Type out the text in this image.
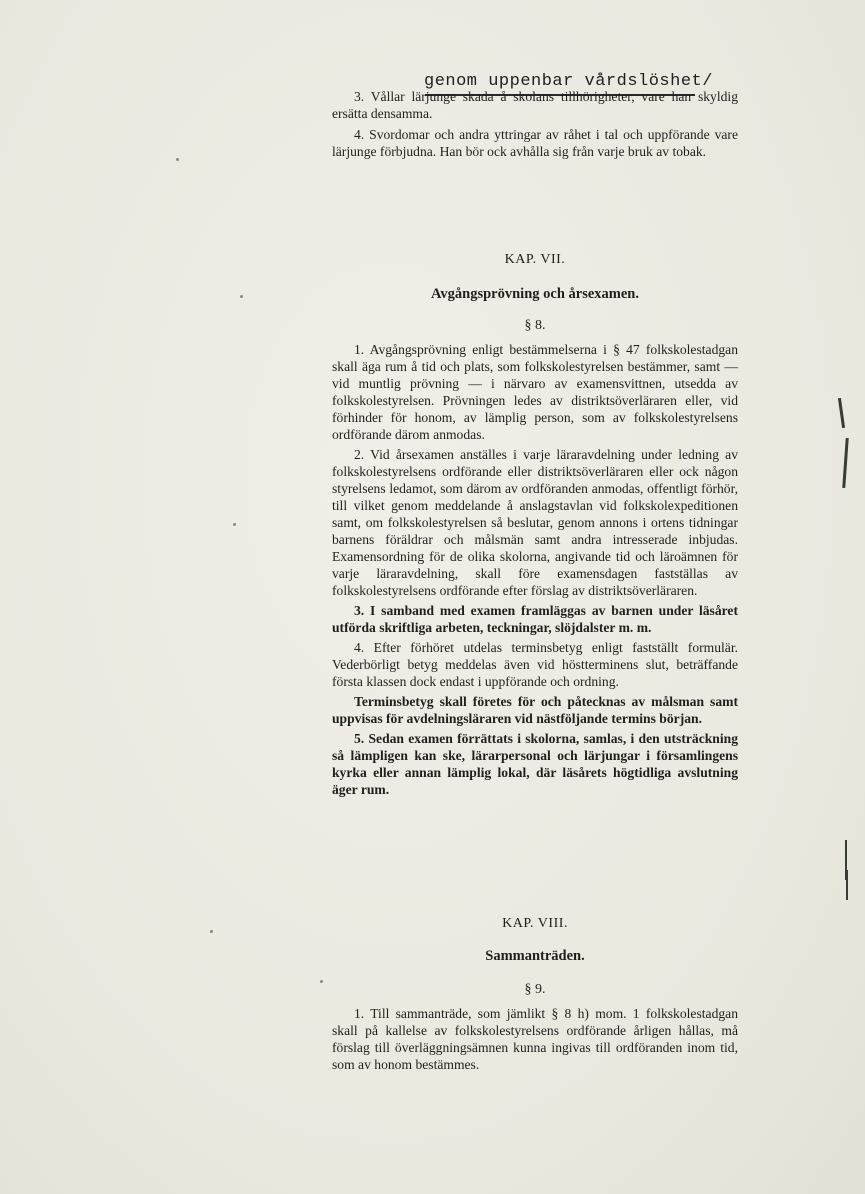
genom uppenbar vårdslöshet/

3. Vållar lärjunge skada å skolans tillhörigheter, vare han skyldig ersätta densamma.

4. Svordomar och andra yttringar av råhet i tal och uppförande vare lärjunge förbjudna. Han bör ock avhålla sig från varje bruk av tobak.

KAP. VII.

Avgångsprövning och årsexamen.

§ 8.

1. Avgångsprövning enligt bestämmelserna i § 47 folkskolestadgan skall äga rum å tid och plats, som folkskolestyrelsen bestämmer, samt — vid muntlig prövning — i närvaro av examensvittnen, utsedda av folkskolestyrelsen. Prövningen ledes av distriktsöverläraren eller, vid förhinder för honom, av lämplig person, som av folkskolestyrelsens ordförande därom anmodas.

2. Vid årsexamen anställes i varje läraravdelning under ledning av folkskolestyrelsens ordförande eller distriktsöverläraren eller ock någon styrelsens ledamot, som därom av ordföranden anmodas, offentligt förhör, till vilket genom meddelande å anslagstavlan vid folkskolexpeditionen samt, om folkskolestyrelsen så beslutar, genom annons i ortens tidningar barnens föräldrar och målsmän samt andra intresserade inbjudas. Examensordning för de olika skolorna, angivande tid och läroämnen för varje läraravdelning, skall före examensdagen fastställas av folkskolestyrelsens ordförande efter förslag av distriktsöverläraren.

3. I samband med examen framläggas av barnen under läsåret utförda skriftliga arbeten, teckningar, slöjdalster m. m.

4. Efter förhöret utdelas terminsbetyg enligt fastställt formulär. Vederbörligt betyg meddelas även vid höstterminens slut, beträffande första klassen dock endast i uppförande och ordning.

Terminsbetyg skall företes för och påtecknas av målsman samt uppvisas för avdelningsläraren vid nästföljande termins början.

5. Sedan examen förrättats i skolorna, samlas, i den utsträckning så lämpligen kan ske, lärarpersonal och lärjungar i församlingens kyrka eller annan lämplig lokal, där läsårets högtidliga avslutning äger rum.

KAP. VIII.

Sammanträden.

§ 9.

1. Till sammanträde, som jämlikt § 8 h) mom. 1 folkskolestadgan skall på kallelse av folkskolestyrelsens ordförande årligen hållas, må förslag till överläggningsämnen kunna ingivas till ordföranden inom tid, som av honom bestämmes.
